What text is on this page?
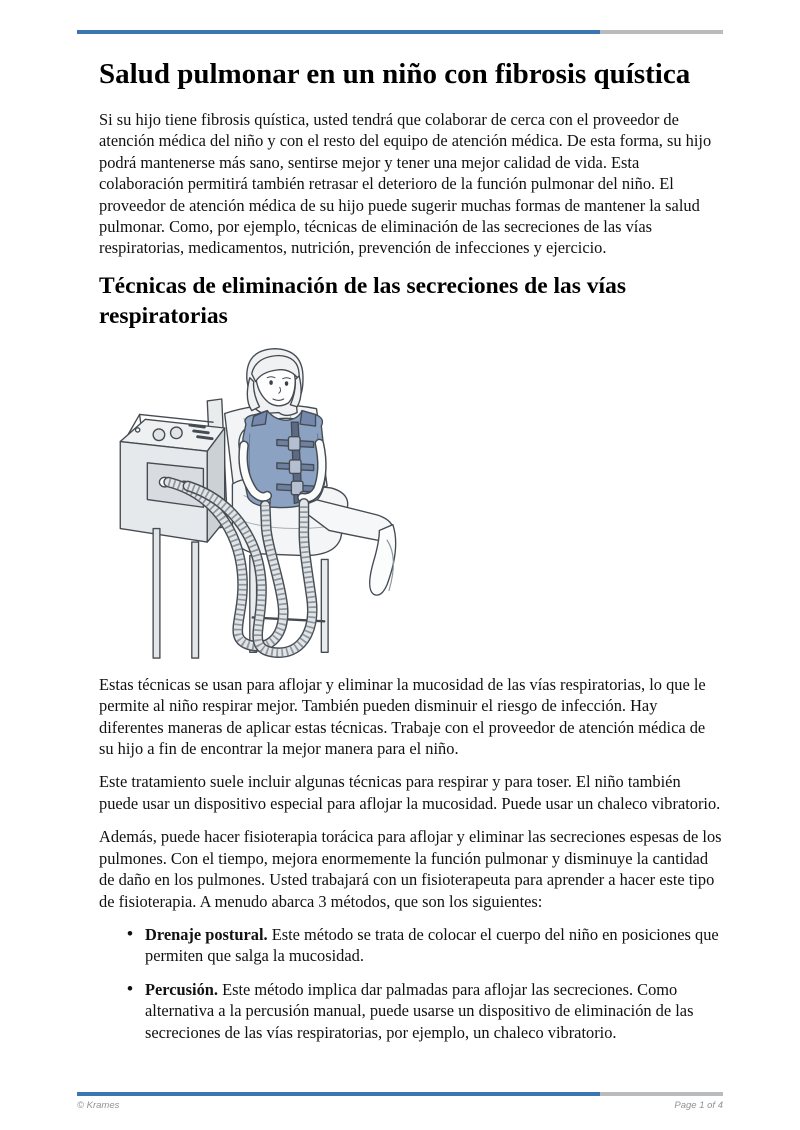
Salud pulmonar en un niño con fibrosis quística

Si su hijo tiene fibrosis quística, usted tendrá que colaborar de cerca con el proveedor de atención médica del niño y con el resto del equipo de atención médica. De esta forma, su hijo podrá mantenerse más sano, sentirse mejor y tener una mejor calidad de vida. Esta colaboración permitirá también retrasar el deterioro de la función pulmonar del niño. El proveedor de atención médica de su hijo puede sugerir muchas formas de mantener la salud pulmonar. Como, por ejemplo, técnicas de eliminación de las secreciones de las vías respiratorias, medicamentos, nutrición, prevención de infecciones y ejercicio.

Técnicas de eliminación de las secreciones de las vías respiratorias

Estas técnicas se usan para aflojar y eliminar la mucosidad de las vías respiratorias, lo que le permite al niño respirar mejor. También pueden disminuir el riesgo de infección. Hay diferentes maneras de aplicar estas técnicas. Trabaje con el proveedor de atención médica de su hijo a fin de encontrar la mejor manera para el niño.

Este tratamiento suele incluir algunas técnicas para respirar y para toser. El niño también puede usar un dispositivo especial para aflojar la mucosidad. Puede usar un chaleco vibratorio.

Además, puede hacer fisioterapia torácica para aflojar y eliminar las secreciones espesas de los pulmones. Con el tiempo, mejora enormemente la función pulmonar y disminuye la cantidad de daño en los pulmones. Usted trabajará con un fisioterapeuta para aprender a hacer este tipo de fisioterapia. A menudo abarca 3 métodos, que son los siguientes:

• Drenaje postural. Este método se trata de colocar el cuerpo del niño en posiciones que permiten que salga la mucosidad.
• Percusión. Este método implica dar palmadas para aflojar las secreciones. Como alternativa a la percusión manual, puede usarse un dispositivo de eliminación de las secreciones de las vías respiratorias, por ejemplo, un chaleco vibratorio.
© Krames	Page 1 of 4
